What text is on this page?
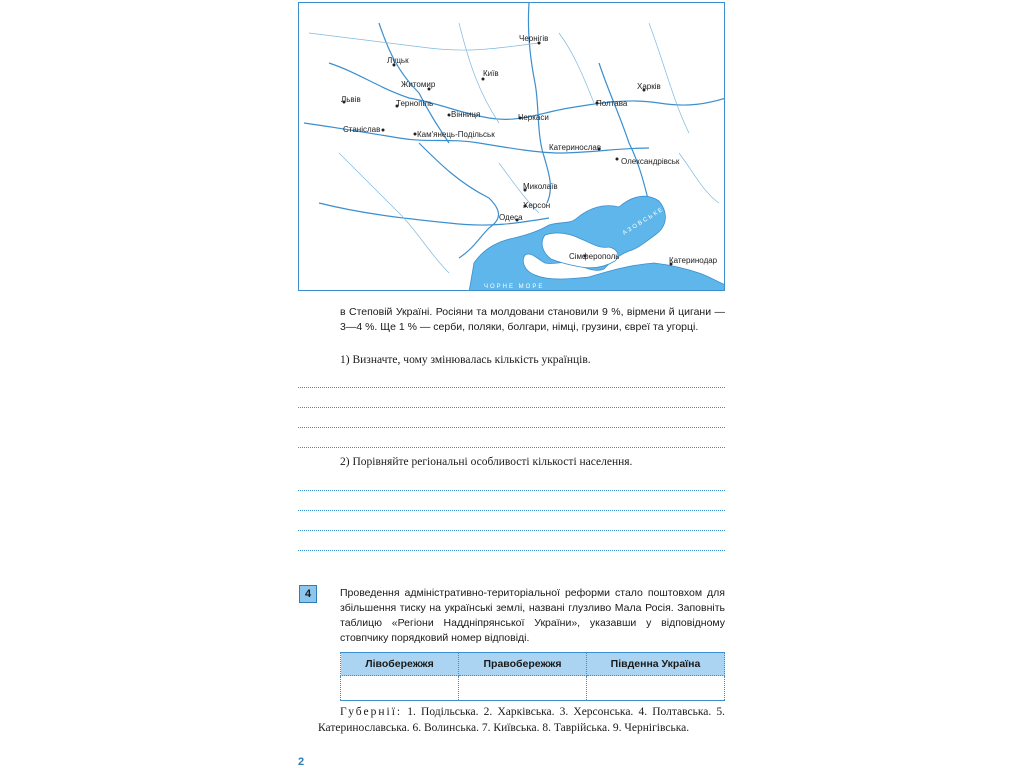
АЗОВСЬКЕ МОРЕ
ЧОРНЕ МОРЕ
Чернігів
Луцьк
Київ
Житомир	Харків
Львів	Тернопіль	Полтава
Вінниця	Черкаси
Станіслав
Кам'янець-Подільськ
Катеринослав
Олександрівськ
Миколаїв
Херсон
Одеса
Сімферополь	Катеринодар
в Степовій Україні. Росіяни та молдовани становили 9 %, вірмени й цигани — 3—4 %. Ще 1 % — серби, поляки, болгари, німці, грузини, євреї та угорці.
1) Визначте, чому змінювалась кількість українців.
2) Порівняйте регіональні особливості кількості населення.
4	Проведення адміністративно-територіальної реформи стало поштовхом для збільшення тиску на українські землі, названі глузливо Мала Росія. Заповніть таблицю «Регіони Наддніпрянської України», указавши у відповідному стовпчику порядковий номер відповіді.
Лівобережжя	Правобережжя	Південна Україна

Губернії: 1. Подільська. 2. Харківська. 3. Херсонська. 4. Полтавська. 5. Катеринославська. 6. Волинська. 7. Київська. 8. Таврійська. 9. Чернігівська.
2
